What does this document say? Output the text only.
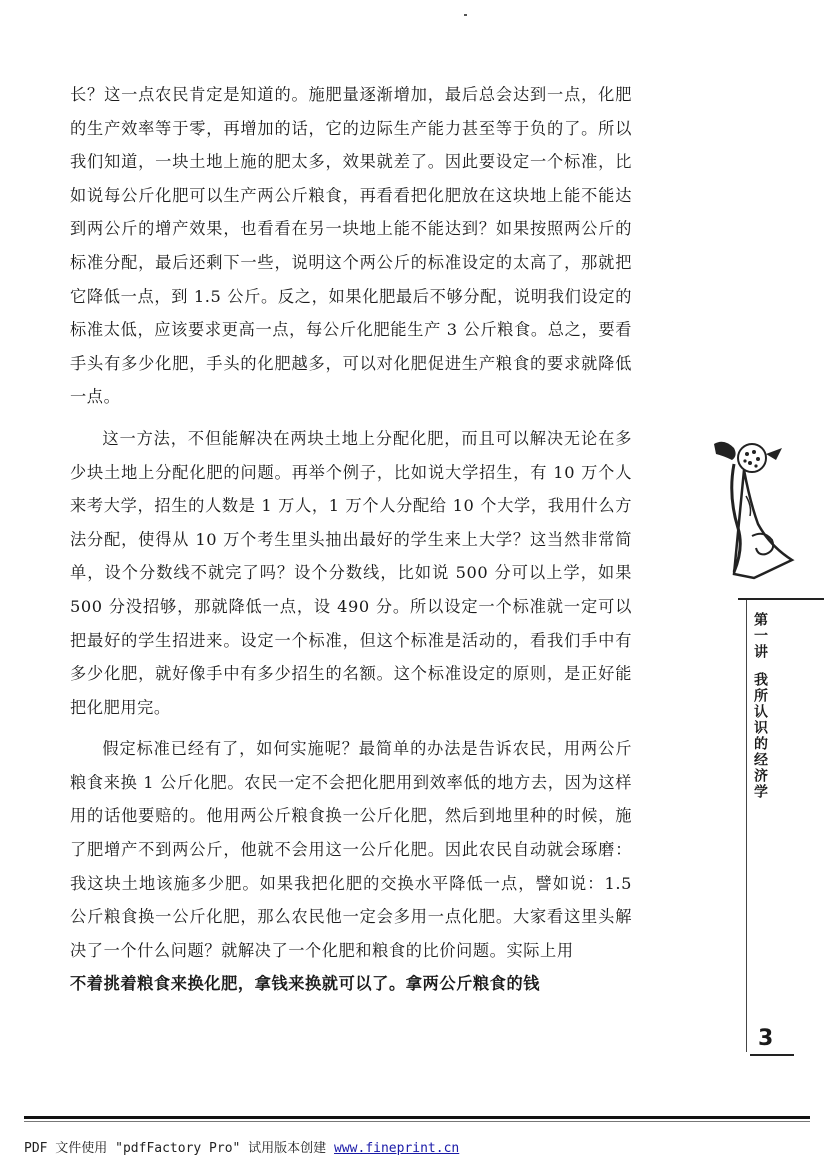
长？这一点农民肯定是知道的。施肥量逐渐增加，最后总会达到一点，化肥的生产效率等于零，再增加的话，它的边际生产能力甚至等于负的了。所以我们知道，一块土地上施的肥太多，效果就差了。因此要设定一个标准，比如说每公斤化肥可以生产两公斤粮食，再看看把化肥放在这块地上能不能达到两公斤的增产效果，也看看在另一块地上能不能达到？如果按照两公斤的标准分配，最后还剩下一些，说明这个两公斤的标准设定的太高了，那就把它降低一点，到 1.5 公斤。反之，如果化肥最后不够分配，说明我们设定的标准太低，应该要求更高一点，每公斤化肥能生产 3 公斤粮食。总之，要看手头有多少化肥，手头的化肥越多，可以对化肥促进生产粮食的要求就降低一点。

这一方法，不但能解决在两块土地上分配化肥，而且可以解决无论在多少块土地上分配化肥的问题。再举个例子，比如说大学招生，有 10 万个人来考大学，招生的人数是 1 万人，1 万个人分配给 10 个大学，我用什么方法分配，使得从 10 万个考生里头抽出最好的学生来上大学？这当然非常简单，设个分数线不就完了吗？设个分数线，比如说 500 分可以上学，如果 500 分没招够，那就降低一点，设 490 分。所以设定一个标准就一定可以把最好的学生招进来。设定一个标准，但这个标准是活动的，看我们手中有多少化肥，就好像手中有多少招生的名额。这个标准设定的原则，是正好能把化肥用完。

假定标准已经有了，如何实施呢？最简单的办法是告诉农民，用两公斤粮食来换 1 公斤化肥。农民一定不会把化肥用到效率低的地方去，因为这样用的话他要赔的。他用两公斤粮食换一公斤化肥，然后到地里种的时候，施了肥增产不到两公斤，他就不会用这一公斤化肥。因此农民自动就会琢磨：我这块土地该施多少肥。如果我把化肥的交换水平降低一点，譬如说：1.5 公斤粮食换一公斤化肥，那么农民他一定会多用一点化肥。大家看这里头解决了一个什么问题？就解决了一个化肥和粮食的比价问题。实际上用

不着挑着粮食来换化肥，拿钱来换就可以了。拿两公斤粮食的钱

第一讲
我所认识的经济学
3
PDF 文件使用 "pdfFactory Pro" 试用版本创建 www.fineprint.cn
